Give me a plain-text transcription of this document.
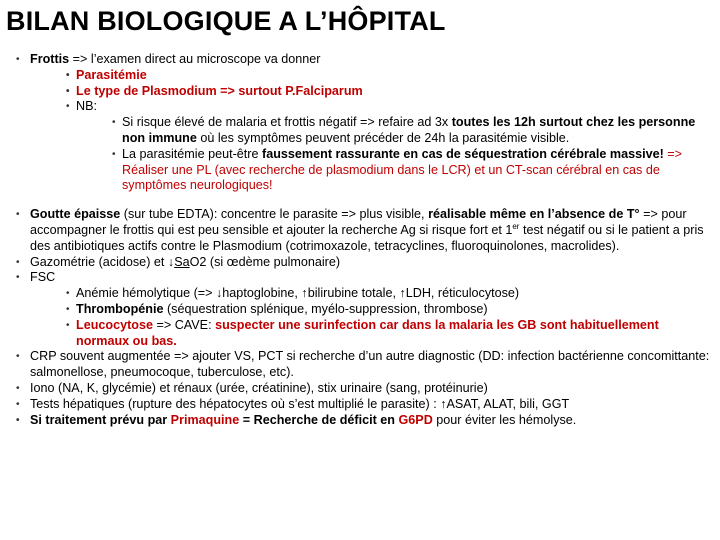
BILAN BIOLOGIQUE A L’HÔPITAL
• Frottis => l’examen direct au microscope va donner
• Parasitémie
• Le type de Plasmodium => surtout P.Falciparum
• NB:
• Si risque élevé de malaria et frottis négatif => refaire ad 3x toutes les 12h surtout chez les personne non immune où les symptômes peuvent précéder de 24h la parasitémie visible.
• La parasitémie peut-être faussement rassurante en cas de séquestration cérébrale massive! => Réaliser une PL (avec recherche de plasmodium dans le LCR) et un CT-scan cérébral en cas de symptômes neurologiques!
• Goutte épaisse (sur tube EDTA): concentre le parasite => plus visible, réalisable même en l’absence de T° => pour accompagner le frottis qui est peu sensible et ajouter la recherche Ag si risque fort et 1er test négatif ou si le patient a pris des antibiotiques actifs contre le Plasmodium (cotrimoxazole, tetracyclines, fluoroquinolones, macrolides).
• Gazométrie (acidose) et ↓SaO2 (si œdème pulmonaire)
• FSC
• Anémie hémolytique (=> ↓haptoglobine, ↑bilirubine totale, ↑LDH, réticulocytose)
• Thrombopénie (séquestration splénique, myélo-suppression, thrombose)
• Leucocytose => CAVE: suspecter une surinfection car dans la malaria les GB sont habituellement normaux ou bas.
• CRP souvent augmentée => ajouter VS, PCT si recherche d’un autre diagnostic (DD: infection bactérienne concomittante: salmonellose, pneumocoque, tuberculose, etc).
• Iono (NA, K, glycémie) et rénaux (urée, créatinine), stix urinaire (sang, protéinurie)
• Tests hépatiques (rupture des hépatocytes où s’est multiplié le parasite) : ↑ASAT, ALAT, bili, GGT
• Si traitement prévu par Primaquine = Recherche de déficit en G6PD pour éviter les hémolyse.
